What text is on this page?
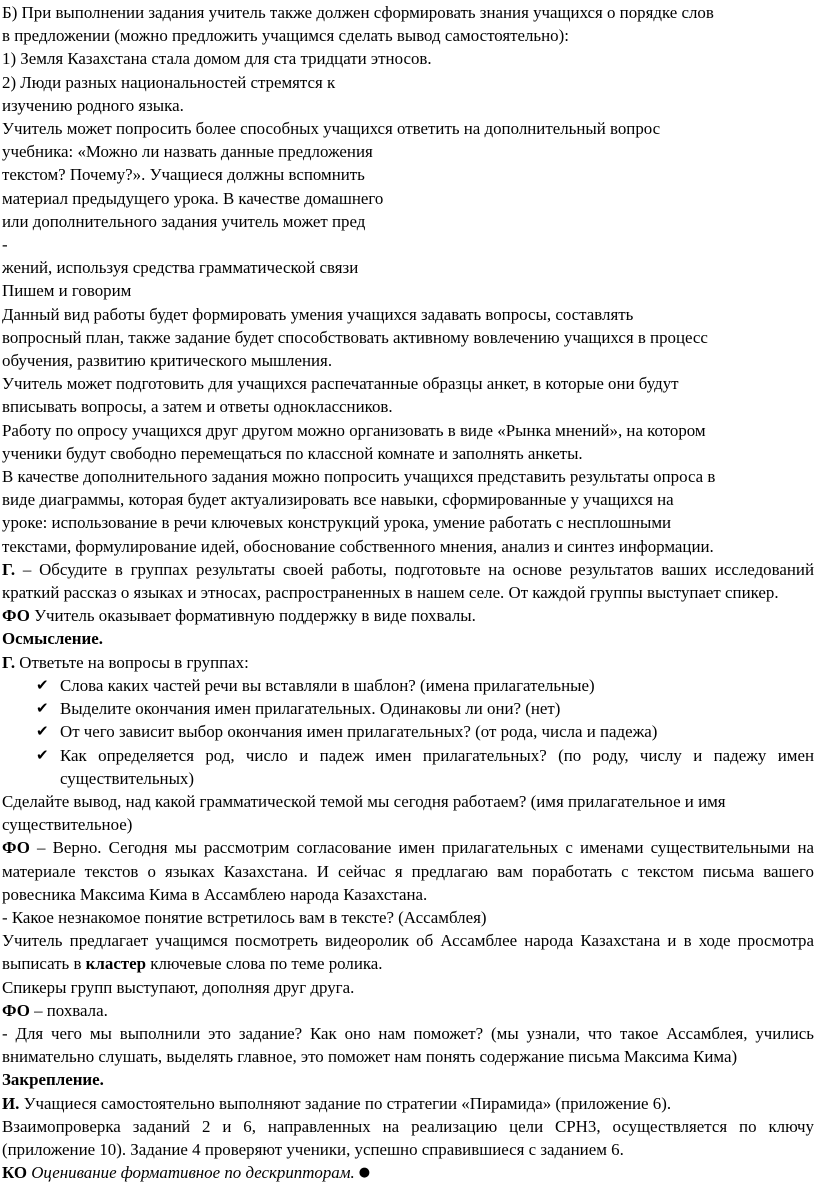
Б) При выполнении задания учитель также должен сформировать знания учащихся о порядке слов

в предложении (можно предложить учащимся сделать вывод самостоятельно):

1) Земля Казахстана стала домом для ста тридцати этносов.

2) Люди разных национальностей стремятся к

изучению родного языка.

Учитель может попросить более способных учащихся ответить на дополнительный вопрос

учебника: «Можно ли назвать данные предложения

текстом? Почему?». Учащиеся должны вспомнить

материал предыдущего урока. В качестве домашнего

или дополнительного задания учитель может пред

-

жений, используя средства грамматической связи

Пишем и говорим

Данный вид работы будет формировать умения учащихся задавать вопросы, составлять

вопросный план, также задание будет способствовать активному вовлечению учащихся в процесс

обучения, развитию критического мышления.

Учитель может подготовить для учащихся распечатанные образцы анкет, в которые они будут

вписывать вопросы, а затем и ответы одноклассников.

Работу по опросу учащихся друг другом можно организовать в виде «Рынка мнений», на котором

ученики будут свободно перемещаться по классной комнате и заполнять анкеты.

В качестве дополнительного задания можно попросить учащихся представить результаты опроса в

виде диаграммы, которая будет актуализировать все навыки, сформированные у учащихся на

уроке: использование в речи ключевых конструкций урока, умение работать с несплошными

текстами, формулирование идей, обоснование собственного мнения, анализ и синтез информации.

Г. – Обсудите в группах результаты своей работы, подготовьте на основе результатов ваших исследований краткий рассказ о языках и этносах, распространенных в нашем селе. От каждой группы выступает спикер.

ФО Учитель оказывает формативную поддержку в виде похвалы.

Осмысление.

Г. Ответьте на вопросы в группах:

✔ Слова каких частей речи вы вставляли в шаблон? (имена прилагательные)
✔ Выделите окончания имен прилагательных. Одинаковы ли они? (нет)
✔ От чего зависит выбор окончания имен прилагательных? (от рода, числа и падежа)
✔ Как определяется род, число и падеж имен прилагательных? (по роду, числу и падежу имен существительных)

Сделайте вывод, над какой грамматической темой мы сегодня работаем? (имя прилагательное и имя существительное)

ФО – Верно. Сегодня мы рассмотрим согласование имен прилагательных с именами существительными на материале текстов о языках Казахстана. И сейчас я предлагаю вам поработать с текстом письма вашего ровесника Максима Кима в Ассамблею народа Казахстана.

- Какое незнакомое понятие встретилось вам в тексте? (Ассамблея)

Учитель предлагает учащимся посмотреть видеоролик об Ассамблее народа Казахстана и в ходе просмотра выписать в кластер ключевые слова по теме ролика.

Спикеры групп выступают, дополняя друг друга.

ФО – похвала.

- Для чего мы выполнили это задание? Как оно нам поможет? (мы узнали, что такое Ассамблея, учились внимательно слушать, выделять главное, это поможет нам понять содержание письма Максима Кима)

Закрепление.

И. Учащиеся самостоятельно выполняют задание по стратегии «Пирамида» (приложение 6).

Взаимопроверка заданий 2 и 6, направленных на реализацию цели СРН3, осуществляется по ключу (приложение 10). Задание 4 проверяют ученики, успешно справившиеся с заданием 6.

КО Оценивание формативное по дескрипторам. ●
